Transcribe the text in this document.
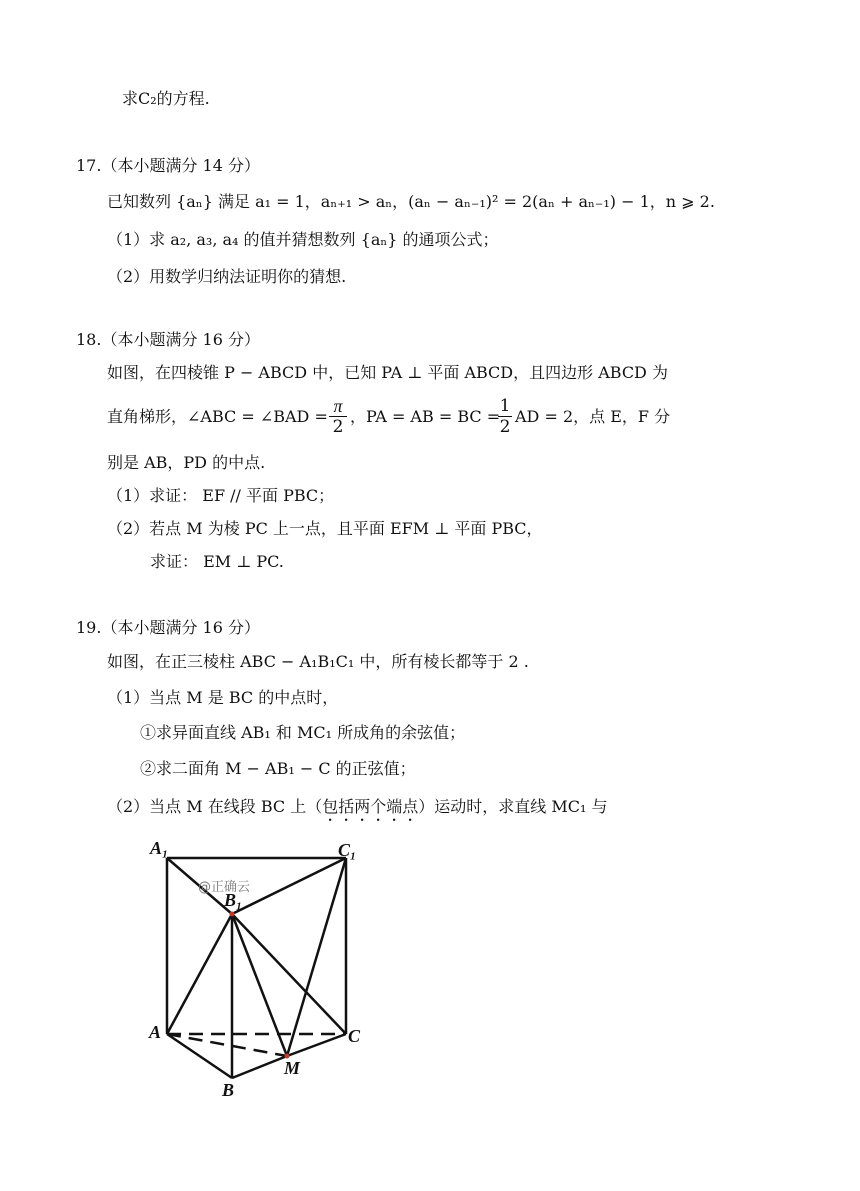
求C₂的方程.
17.（本小题满分 14 分）
已知数列 {aₙ} 满足 a₁ = 1，aₙ₊₁ > aₙ，(aₙ − aₙ₋₁)² = 2(aₙ + aₙ₋₁) − 1，n ⩾ 2.
（1）求 a₂, a₃, a₄ 的值并猜想数列 {aₙ} 的通项公式；
（2）用数学归纳法证明你的猜想.
18.（本小题满分 16 分）
如图，在四棱锥 P − ABCD 中，已知 PA ⊥ 平面 ABCD，且四边形 ABCD 为
直角梯形，∠ABC = ∠BAD =
π
2
，PA = AB = BC =
1
2
AD = 2，点 E，F 分
别是 AB，PD 的中点.
（1）求证： EF // 平面 PBC；
（2）若点 M 为棱 PC 上一点，且平面 EFM ⊥ 平面 PBC，
求证： EM ⊥ PC.
19.（本小题满分 16 分）
如图，在正三棱柱 ABC − A₁B₁C₁ 中，所有棱长都等于 2 .
（1）当点 M 是 BC 的中点时，
①求异面直线 AB₁ 和 MC₁ 所成角的余弦值；
②求二面角 M − AB₁ − C 的正弦值；
（2）当点 M 在线段 BC 上（包括两个端点）运动时，求直线 MC₁ 与
@正确云
A₁	C₁
B₁
A	C
M
B
